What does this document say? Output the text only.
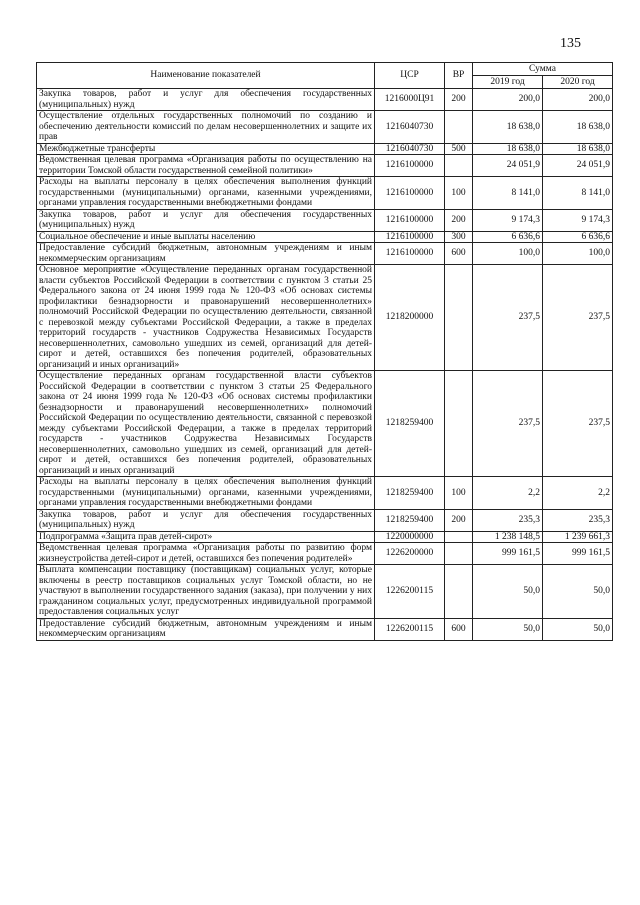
135
Наименование показателей	ЦСР	ВР	Сумма	
			2019 год	2020 год
Закупка товаров, работ и услуг для обеспечения государственных (муниципальных) нужд	1216000Ц91	200	200,0	200,0
Осуществление отдельных государственных полномочий по созданию и обеспечению деятельности комиссий по делам несовершеннолетних и защите их прав	1216040730		18 638,0	18 638,0
Межбюджетные трансферты	1216040730	500	18 638,0	18 638,0
Ведомственная целевая программа «Организация работы по осуществлению на территории Томской области государственной семейной политики»	1216100000		24 051,9	24 051,9
Расходы на выплаты персоналу в целях обеспечения выполнения функций государственными (муниципальными) органами, казенными учреждениями, органами управления государственными внебюджетными фондами	1216100000	100	8 141,0	8 141,0
Закупка товаров, работ и услуг для обеспечения государственных (муниципальных) нужд	1216100000	200	9 174,3	9 174,3
Социальное обеспечение и иные выплаты населению	1216100000	300	6 636,6	6 636,6
Предоставление субсидий бюджетным, автономным учреждениям и иным некоммерческим организациям	1216100000	600	100,0	100,0
Основное мероприятие «Осуществление переданных органам государственной власти субъектов Российской Федерации в соответствии с пунктом 3 статьи 25 Федерального закона от 24 июня 1999 года № 120-ФЗ «Об основах системы профилактики безнадзорности и правонарушений несовершеннолетних» полномочий Российской Федерации по осуществлению деятельности, связанной с перевозкой между субъектами Российской Федерации, а также в пределах территорий государств - участников Содружества Независимых Государств несовершеннолетних, самовольно ушедших из семей, организаций для детей-сирот и детей, оставшихся без попечения родителей, образовательных организаций и иных организаций»	1218200000		237,5	237,5
Осуществление переданных органам государственной власти субъектов Российской Федерации в соответствии с пунктом 3 статьи 25 Федерального закона от 24 июня 1999 года № 120-ФЗ «Об основах системы профилактики безнадзорности и правонарушений несовершеннолетних» полномочий Российской Федерации по осуществлению деятельности, связанной с перевозкой между субъектами Российской Федерации, а также в пределах территорий государств - участников Содружества Независимых Государств несовершеннолетних, самовольно ушедших из семей, организаций для детей-сирот и детей, оставшихся без попечения родителей, образовательных организаций и иных организаций	1218259400		237,5	237,5
Расходы на выплаты персоналу в целях обеспечения выполнения функций государственными (муниципальными) органами, казенными учреждениями, органами управления государственными внебюджетными фондами	1218259400	100	2,2	2,2
Закупка товаров, работ и услуг для обеспечения государственных (муниципальных) нужд	1218259400	200	235,3	235,3
Подпрограмма «Защита прав детей-сирот»	1220000000		1 238 148,5	1 239 661,3
Ведомственная целевая программа «Организация работы по развитию форм жизнеустройства детей-сирот и детей, оставшихся без попечения родителей»	1226200000		999 161,5	999 161,5
Выплата компенсации поставщику (поставщикам) социальных услуг, которые включены в реестр поставщиков социальных услуг Томской области, но не участвуют в выполнении государственного задания (заказа), при получении у них гражданином социальных услуг, предусмотренных индивидуальной программой предоставления социальных услуг	1226200115		50,0	50,0
Предоставление субсидий бюджетным, автономным учреждениям и иным некоммерческим организациям	1226200115	600	50,0	50,0
